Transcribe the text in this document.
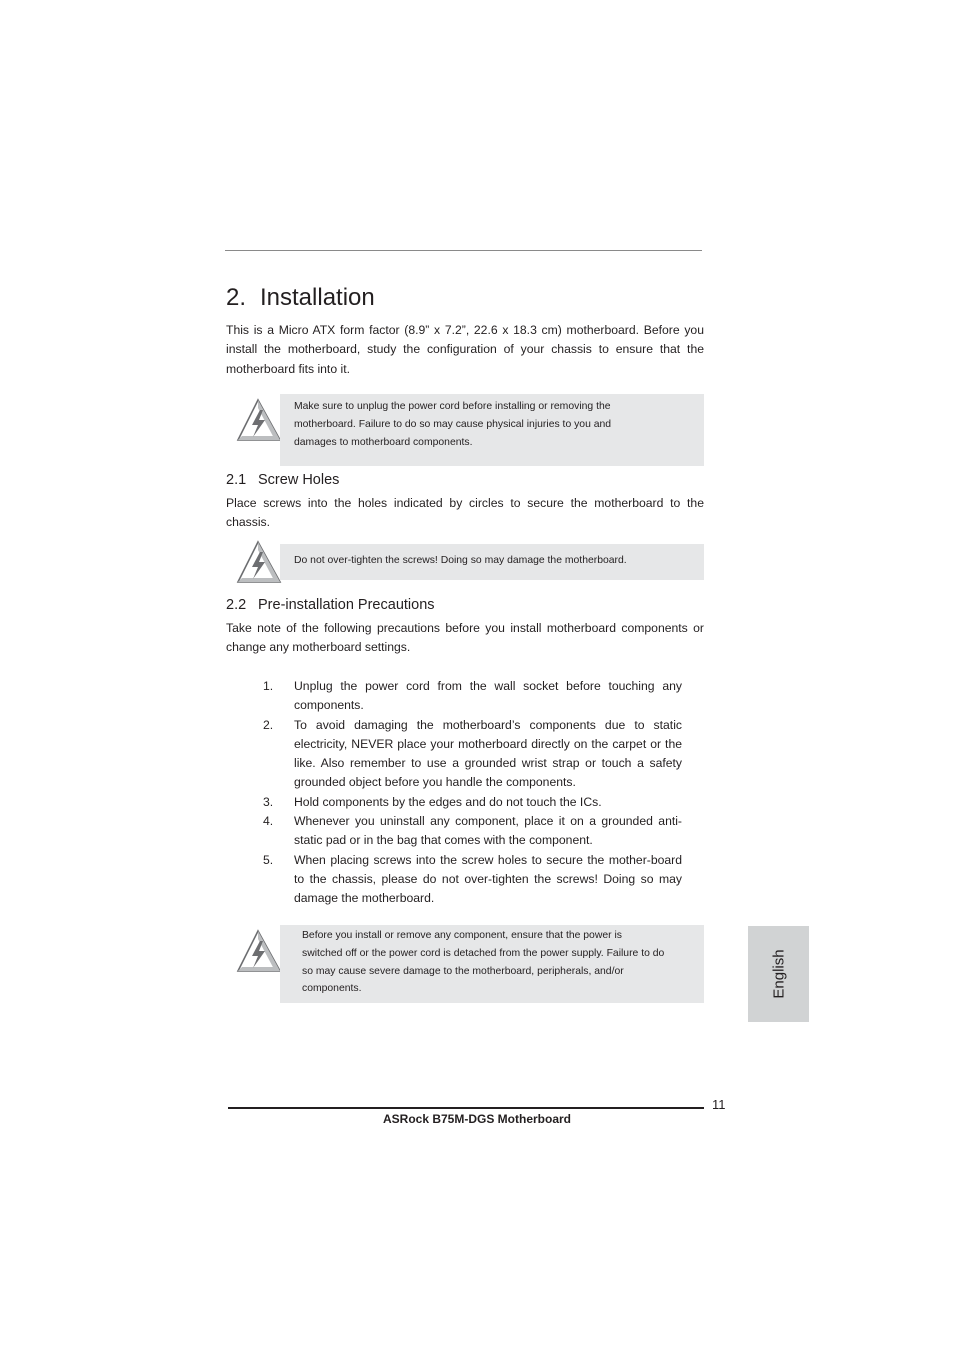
2. Installation

This is a Micro ATX form factor (8.9” x 7.2”, 22.6 x 18.3 cm) motherboard. Before you install the motherboard, study the configuration of your chassis to ensure that the motherboard fits into it.

Make sure to unplug the power cord before installing or removing the
motherboard. Failure to do so may cause physical injuries to you and
damages to motherboard components.
2.1 Screw Holes

Place screws into the holes indicated by circles to secure the motherboard to the chassis.

Do not over-tighten the screws! Doing so may damage the motherboard.
2.2 Pre-installation Precautions

Take note of the following precautions before you install motherboard components or change any motherboard settings.

1. Unplug the power cord from the wall socket before touching any components.
2. To avoid damaging the motherboard’s components due to static electricity, NEVER place your motherboard directly on the carpet or the like. Also remember to use a grounded wrist strap or touch a safety grounded object before you handle the components.
3. Hold components by the edges and do not touch the ICs.
4. Whenever you uninstall any component, place it on a grounded anti-static pad or in the bag that comes with the component.
5. When placing screws into the screw holes to secure the mother-board to the chassis, please do not over-tighten the screws! Doing so may damage the motherboard.
Before you install or remove any component, ensure that the power is
switched off or the power cord is detached from the power supply. Failure to do
so may cause severe damage to the motherboard, peripherals, and/or
components.	English
11
ASRock B75M-DGS Motherboard
